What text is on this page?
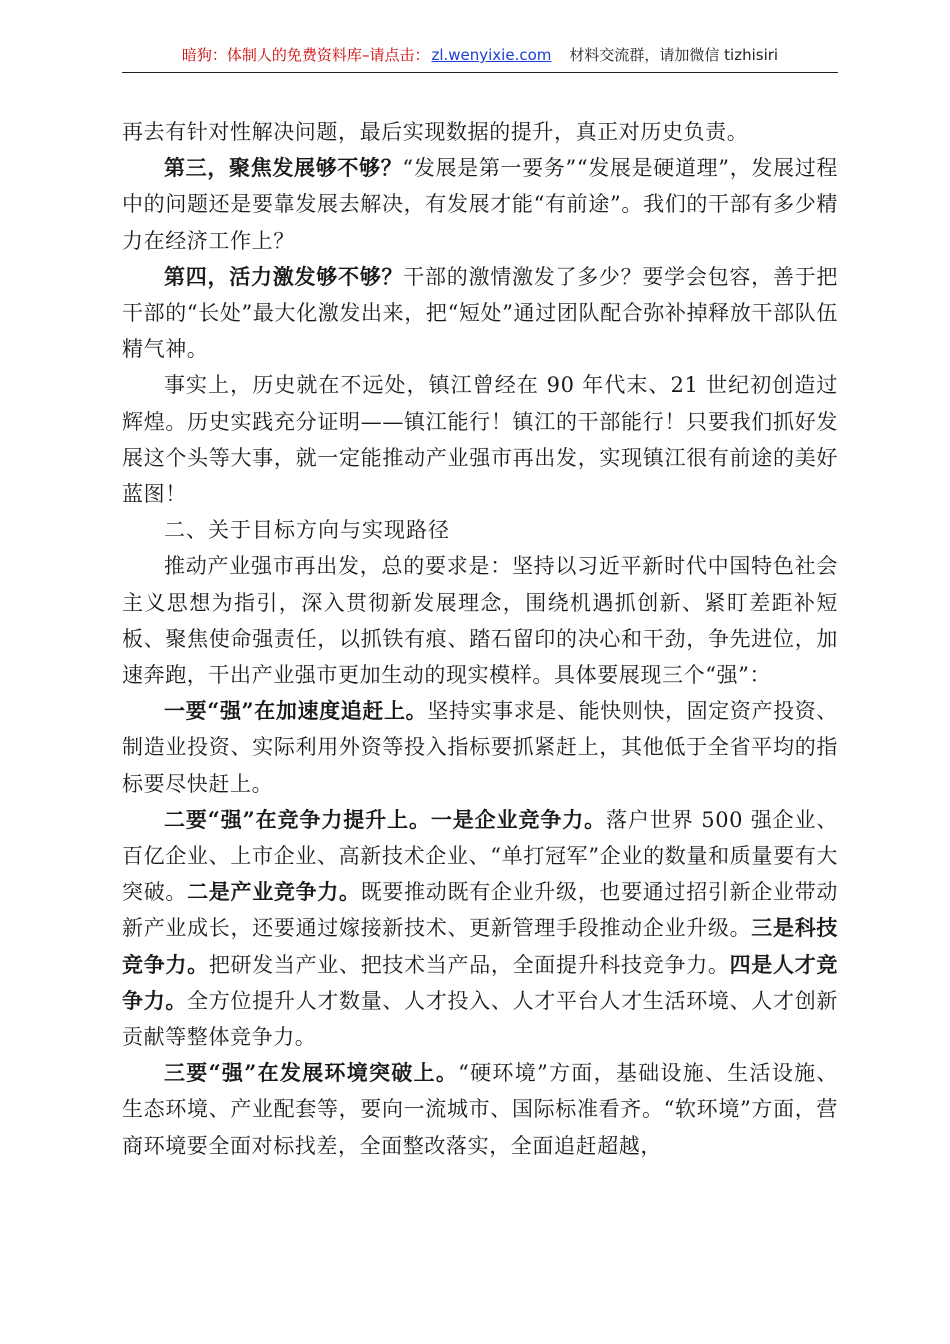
暗狗：体制人的免费资料库–请点击： zl.wenyixie.com 材料交流群，请加微信 tizhisiri

再去有针对性解决问题，最后实现数据的提升，真正对历史负责。

第三，聚焦发展够不够？“发展是第一要务”“发展是硬道理”，发展过程中的问题还是要靠发展去解决，有发展才能“有前途”。我们的干部有多少精力在经济工作上？

第四，活力激发够不够？干部的激情激发了多少？要学会包容，善于把干部的“长处”最大化激发出来，把“短处”通过团队配合弥补掉释放干部队伍精气神。

事实上，历史就在不远处，镇江曾经在 90 年代末、21 世纪初创造过辉煌。历史实践充分证明——镇江能行！镇江的干部能行！只要我们抓好发展这个头等大事，就一定能推动产业强市再出发，实现镇江很有前途的美好蓝图！

二、关于目标方向与实现路径

推动产业强市再出发，总的要求是：坚持以习近平新时代中国特色社会主义思想为指引，深入贯彻新发展理念，围绕机遇抓创新、紧盯差距补短板、聚焦使命强责任，以抓铁有痕、踏石留印的决心和干劲，争先进位，加速奔跑，干出产业强市更加生动的现实模样。具体要展现三个“强”：

一要“强”在加速度追赶上。坚持实事求是、能快则快，固定资产投资、制造业投资、实际利用外资等投入指标要抓紧赶上，其他低于全省平均的指标要尽快赶上。

二要“强”在竞争力提升上。一是企业竞争力。落户世界 500 强企业、百亿企业、上市企业、高新技术企业、“单打冠军”企业的数量和质量要有大突破。二是产业竞争力。既要推动既有企业升级，也要通过招引新企业带动新产业成长，还要通过嫁接新技术、更新管理手段推动企业升级。三是科技竞争力。把研发当产业、把技术当产品，全面提升科技竞争力。四是人才竞争力。全方位提升人才数量、人才投入、人才平台人才生活环境、人才创新贡献等整体竞争力。

三要“强”在发展环境突破上。“硬环境”方面，基础设施、生活设施、生态环境、产业配套等，要向一流城市、国际标准看齐。“软环境”方面，营商环境要全面对标找差，全面整改落实，全面追赶超越，
